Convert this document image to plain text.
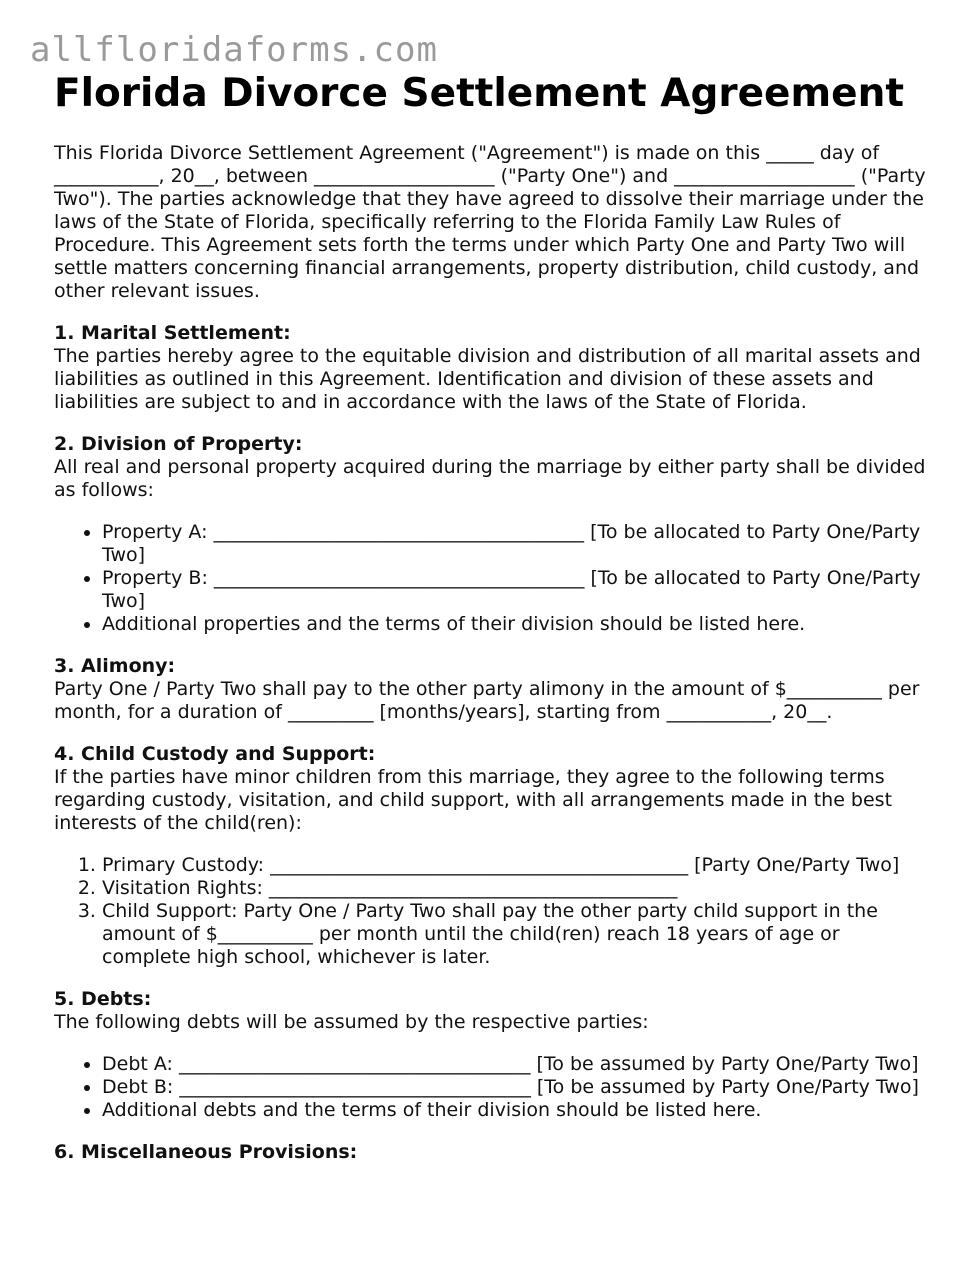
allfloridaforms.com
Florida Divorce Settlement Agreement

This Florida Divorce Settlement Agreement ("Agreement") is made on this _____ day of ___________, 20__, between ___________________ ("Party One") and ___________________ ("Party Two"). The parties acknowledge that they have agreed to dissolve their marriage under the laws of the State of Florida, specifically referring to the Florida Family Law Rules of Procedure. This Agreement sets forth the terms under which Party One and Party Two will settle matters concerning financial arrangements, property distribution, child custody, and other relevant issues.

1. Marital Settlement:

The parties hereby agree to the equitable division and distribution of all marital assets and liabilities as outlined in this Agreement. Identification and division of these assets and liabilities are subject to and in accordance with the laws of the State of Florida.

2. Division of Property:

All real and personal property acquired during the marriage by either party shall be divided as follows:

• Property A: _______________________________________ [To be allocated to Party One/Party Two]
• Property B: _______________________________________ [To be allocated to Party One/Party Two]
• Additional properties and the terms of their division should be listed here.

3. Alimony:

Party One / Party Two shall pay to the other party alimony in the amount of $__________ per month, for a duration of _________ [months/years], starting from ___________, 20__.

4. Child Custody and Support:

If the parties have minor children from this marriage, they agree to the following terms regarding custody, visitation, and child support, with all arrangements made in the best interests of the child(ren):

1. Primary Custody: ____________________________________________ [Party One/Party Two]
2. Visitation Rights: ___________________________________________
3. Child Support: Party One / Party Two shall pay the other party child support in the amount of $__________ per month until the child(ren) reach 18 years of age or complete high school, whichever is later.

5. Debts:

The following debts will be assumed by the respective parties:

• Debt A: _____________________________________ [To be assumed by Party One/Party Two]
• Debt B: _____________________________________ [To be assumed by Party One/Party Two]
• Additional debts and the terms of their division should be listed here.

6. Miscellaneous Provisions:
